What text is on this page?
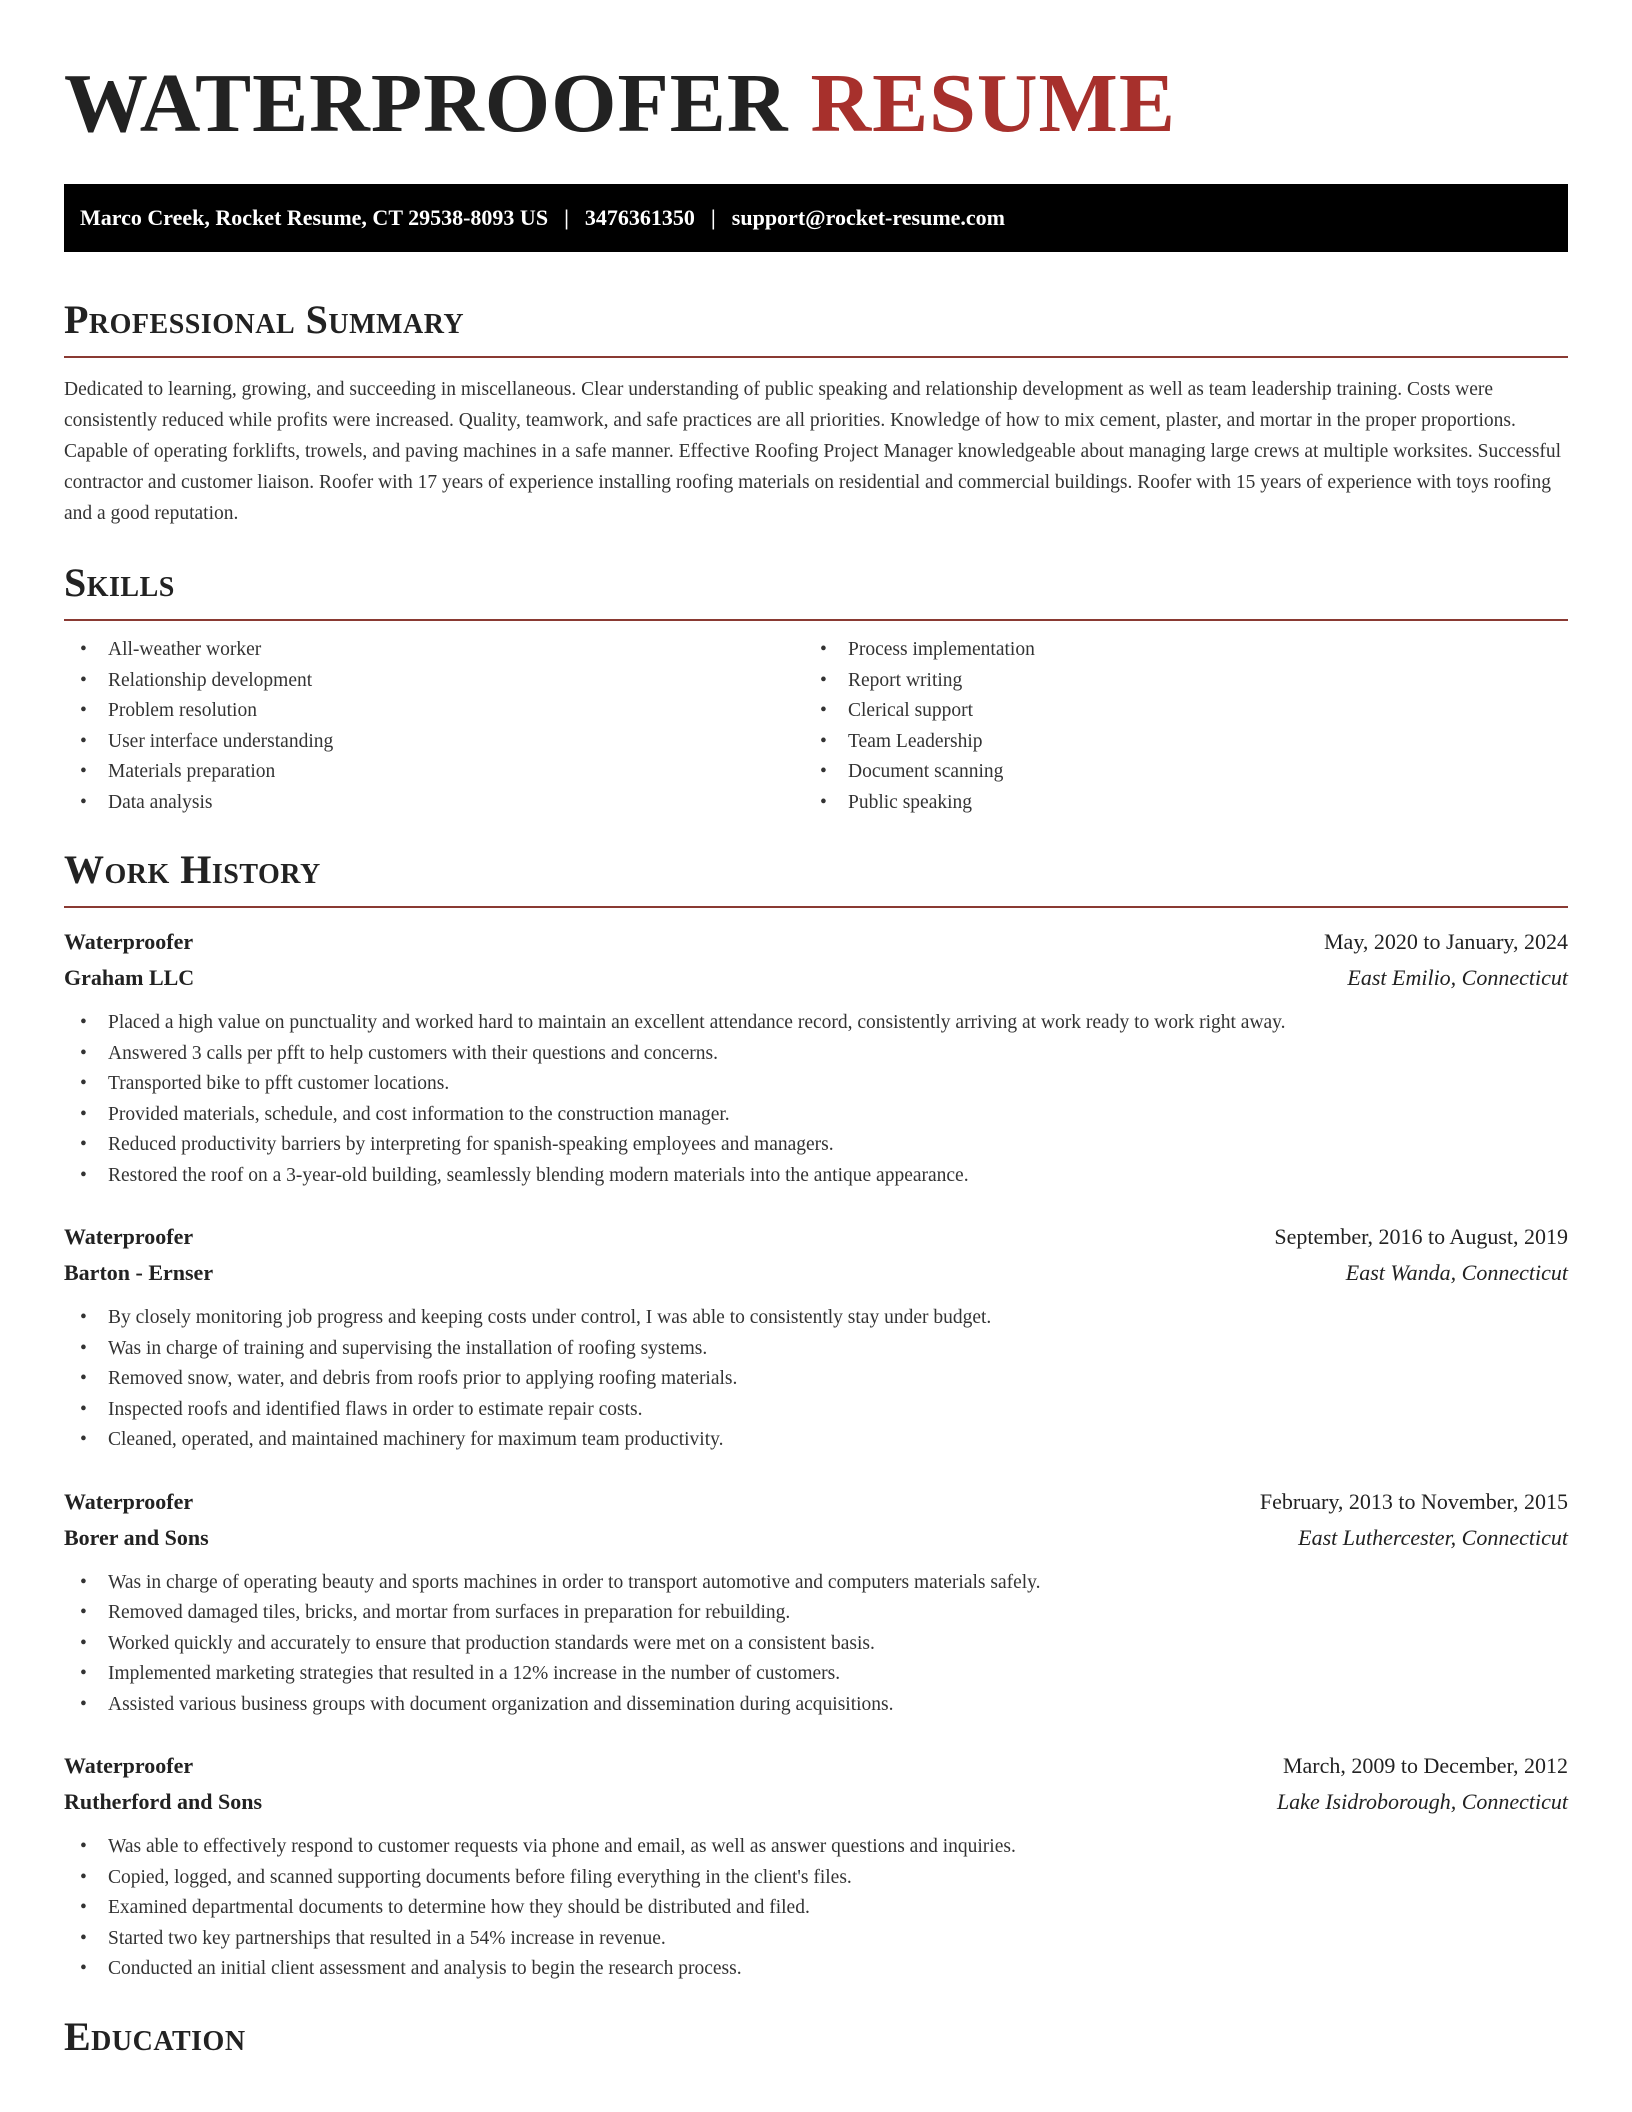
WATERPROOFER RESUME
Marco Creek, Rocket Resume, CT 29538-8093 US | 3476361350 | support@rocket-resume.com
Professional Summary

Dedicated to learning, growing, and succeeding in miscellaneous. Clear understanding of public speaking and relationship development as well as team leadership training. Costs were consistently reduced while profits were increased. Quality, teamwork, and safe practices are all priorities. Knowledge of how to mix cement, plaster, and mortar in the proper proportions. Capable of operating forklifts, trowels, and paving machines in a safe manner. Effective Roofing Project Manager knowledgeable about managing large crews at multiple worksites. Successful contractor and customer liaison. Roofer with 17 years of experience installing roofing materials on residential and commercial buildings. Roofer with 15 years of experience with toys roofing and a good reputation.

Skills
• All-weather worker
• Relationship development
• Problem resolution
• User interface understanding
• Materials preparation
• Data analysis
• Process implementation
• Report writing
• Clerical support
• Team Leadership
• Document scanning
• Public speaking
Work History
Waterproofer	May, 2020 to January, 2024
Graham LLC	East Emilio, Connecticut
• Placed a high value on punctuality and worked hard to maintain an excellent attendance record, consistently arriving at work ready to work right away.
• Answered 3 calls per pfft to help customers with their questions and concerns.
• Transported bike to pfft customer locations.
• Provided materials, schedule, and cost information to the construction manager.
• Reduced productivity barriers by interpreting for spanish-speaking employees and managers.
• Restored the roof on a 3-year-old building, seamlessly blending modern materials into the antique appearance.
Waterproofer	September, 2016 to August, 2019
Barton - Ernser	East Wanda, Connecticut
• By closely monitoring job progress and keeping costs under control, I was able to consistently stay under budget.
• Was in charge of training and supervising the installation of roofing systems.
• Removed snow, water, and debris from roofs prior to applying roofing materials.
• Inspected roofs and identified flaws in order to estimate repair costs.
• Cleaned, operated, and maintained machinery for maximum team productivity.
Waterproofer	February, 2013 to November, 2015
Borer and Sons	East Luthercester, Connecticut
• Was in charge of operating beauty and sports machines in order to transport automotive and computers materials safely.
• Removed damaged tiles, bricks, and mortar from surfaces in preparation for rebuilding.
• Worked quickly and accurately to ensure that production standards were met on a consistent basis.
• Implemented marketing strategies that resulted in a 12% increase in the number of customers.
• Assisted various business groups with document organization and dissemination during acquisitions.
Waterproofer	March, 2009 to December, 2012
Rutherford and Sons	Lake Isidroborough, Connecticut
• Was able to effectively respond to customer requests via phone and email, as well as answer questions and inquiries.
• Copied, logged, and scanned supporting documents before filing everything in the client's files.
• Examined departmental documents to determine how they should be distributed and filed.
• Started two key partnerships that resulted in a 54% increase in revenue.
• Conducted an initial client assessment and analysis to begin the research process.
Education
